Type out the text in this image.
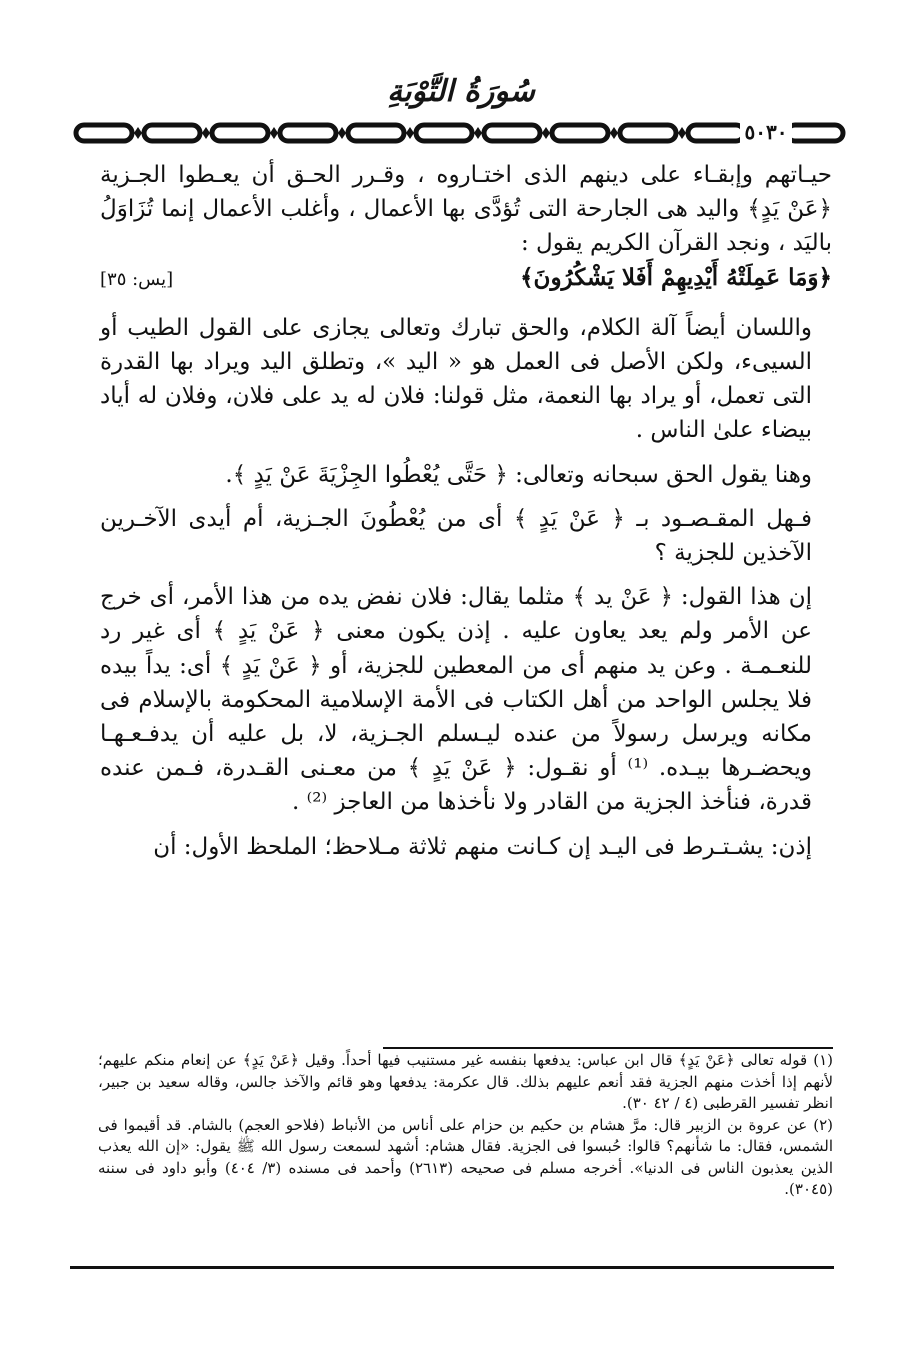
سُورَةُ التَّوْبَةِ
٥٠٣٠

حيـاتهم وإبقـاء على دينهم الذى اختـاروه ، وقـرر الحـق أن يعـطوا الجـزية ﴿عَنْ يَدٍ﴾ واليد هى الجارحة التى تُؤدَّى بها الأعمال ، وأغلب الأعمال إنما تُزَاوَلُ باليَد ، ونجد القرآن الكريم يقول :

﴿وَمَا عَمِلَتْهُ أَيْدِيهِمْ أَفَلا يَشْكُرُونَ﴾
[يس: ٣٥]

واللسان أيضاً آلة الكلام، والحق تبارك وتعالى يجازى على القول الطيب أو السيىء، ولكن الأصل فى العمل هو « اليد »، وتطلق اليد ويراد بها القدرة التى تعمل، أو يراد بها النعمة، مثل قولنا: فلان له يد على فلان، وفلان له أياد بيضاء علىٰ الناس .

وهنا يقول الحق سبحانه وتعالى: ﴿ حَتَّى يُعْطُوا الجِزْيَةَ عَنْ يَدٍ ﴾.

فـهل المقـصـود بـ ﴿ عَنْ يَدٍ ﴾ أى من يُعْطُونَ الجـزية، أم أيدى الآخـرين الآخذين للجزية ؟

إن هذا القول: ﴿ عَنْ يد ﴾ مثلما يقال: فلان نفض يده من هذا الأمر، أى خرج عن الأمر ولم يعد يعاون عليه . إذن يكون معنى ﴿ عَنْ يَدٍ ﴾ أى غير رد للنعـمـة . وعن يد منهم أى من المعطين للجزية، أو ﴿ عَنْ يَدٍ ﴾ أى: يداً بيده فلا يجلس الواحد من أهل الكتاب فى الأمة الإسلامية المحكومة بالإسلام فى مكانه ويرسل رسولاً من عنده ليـسلم الجـزية، لا، بل عليه أن يدفـعـهـا ويحضـرها بيـده. ⁽¹⁾ أو نقـول: ﴿ عَنْ يَدٍ ﴾ من معـنى القـدرة، فـمن عنده قدرة، فنأخذ الجزية من القادر ولا نأخذها من العاجز ⁽²⁾ .

إذن: يشـتـرط فى اليـد إن كـانت منهم ثلاثة مـلاحظ؛ الملحظ الأول: أن

(١) قوله تعالى ﴿عَنْ يَدٍ﴾ قال ابن عباس: يدفعها بنفسه غير مستنيب فيها أحداً. وقيل ﴿عَنْ يَدٍ﴾ عن إنعام منكم عليهم؛ لأنهم إذا أخذت منهم الجزية فقد أنعم عليهم بذلك. قال عكرمة: يدفعها وهو قائم والآخذ جالس، وقاله سعيد بن جبير، انظر تفسير القرطبى (٤ / ٤٢ ٣٠).

(٢) عن عروة بن الزبير قال: مرَّ هشام بن حكيم بن حزام على أناس من الأنباط (فلاحو العجم) بالشام. قد أقيموا فى الشمس، فقال: ما شأنهم؟ قالوا: حُبسوا فى الجزية. فقال هشام: أشهد لسمعت رسول الله ﷺ يقول: «إن الله يعذب الذين يعذبون الناس فى الدنيا». أخرجه مسلم فى صحيحه (٢٦١٣) وأحمد فى مسنده (٣/ ٤٠٤) وأبو داود فى سننه (٣٠٤٥).
